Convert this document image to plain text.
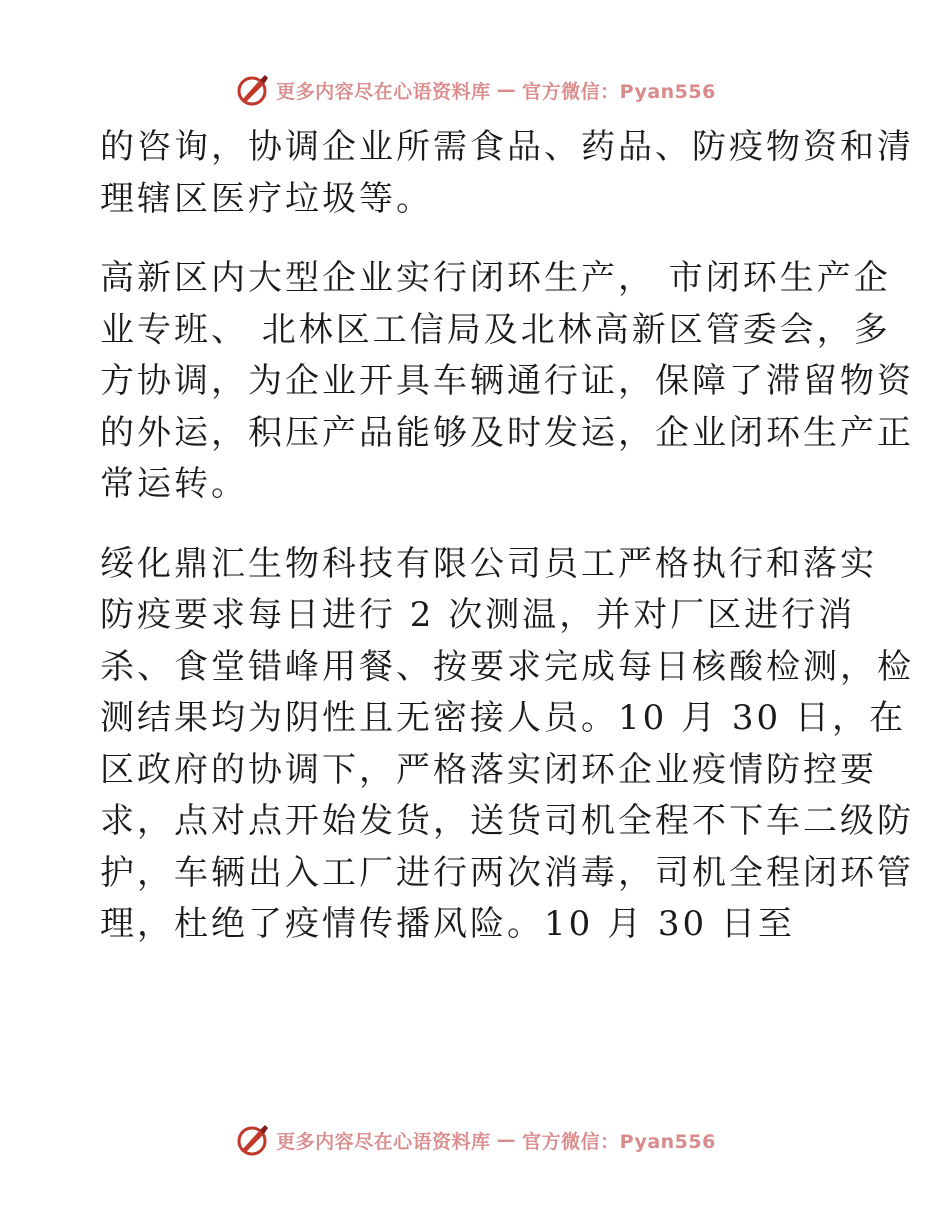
更多内容尽在心语资料库 — 官方微信：Pyan556

的咨询，协调企业所需食品、药品、防疫物资和清
理辖区医疗垃圾等。

高新区内大型企业实行闭环生产， 市闭环生产企
业专班、 北林区工信局及北林高新区管委会，多
方协调，为企业开具车辆通行证，保障了滞留物资
的外运，积压产品能够及时发运，企业闭环生产正
常运转。

绥化鼎汇生物科技有限公司员工严格执行和落实
防疫要求每日进行 2 次测温，并对厂区进行消
杀、食堂错峰用餐、按要求完成每日核酸检测，检
测结果均为阴性且无密接人员。10 月 30 日，在
区政府的协调下，严格落实闭环企业疫情防控要
求，点对点开始发货，送货司机全程不下车二级防
护，车辆出入工厂进行两次消毒，司机全程闭环管
理，杜绝了疫情传播风险。10 月 30 日至

更多内容尽在心语资料库 — 官方微信：Pyan556
